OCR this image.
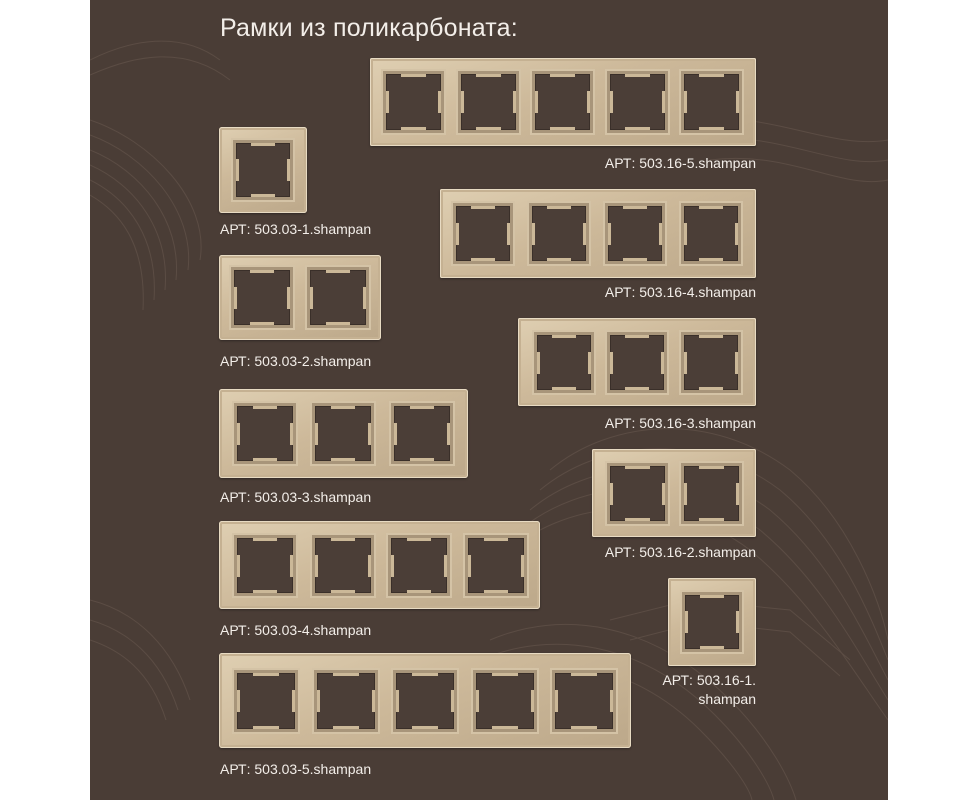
Рамки из поликарбоната:
АРТ: 503.03-1.shampan
АРТ: 503.03-2.shampan
АРТ: 503.03-3.shampan
АРТ: 503.03-4.shampan
АРТ: 503.03-5.shampan
АРТ: 503.16-5.shampan
АРТ: 503.16-4.shampan
АРТ: 503.16-3.shampan
АРТ: 503.16-2.shampan
АРТ: 503.16-1.
shampan
